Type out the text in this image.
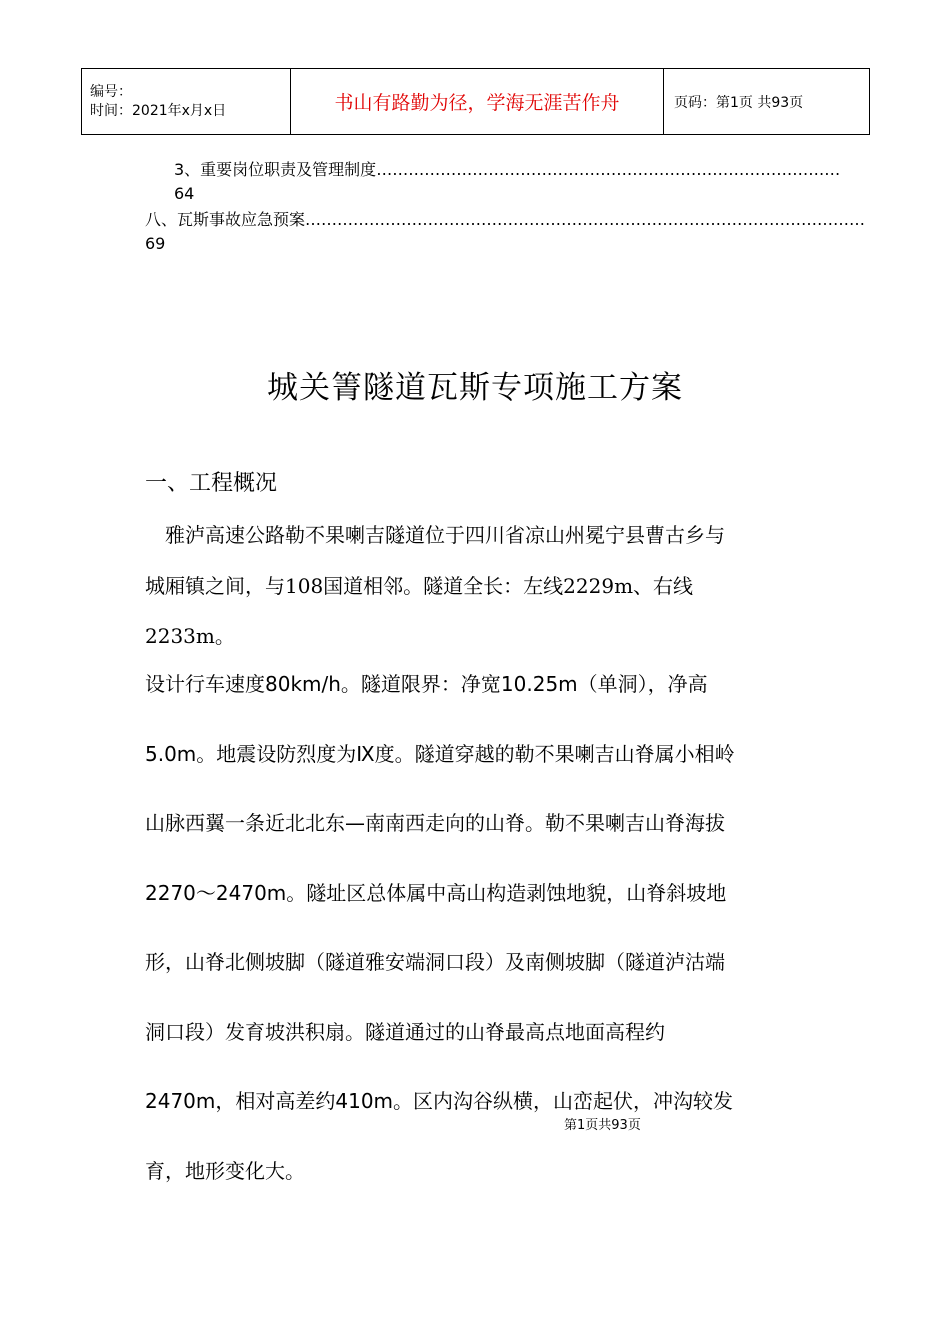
编号：
时间：2021年x月x日	书山有路勤为径，学海无涯苦作舟	页码：第1页 共93页
3、重要岗位职责及管理制度……………………………………………………………………………
64
八、瓦斯事故应急预案……………………………………………………………………………………………
69
城关箐隧道瓦斯专项施工方案
一、工程概况
　雅泸高速公路勒不果喇吉隧道位于四川省凉山州冕宁县曹古乡与
城厢镇之间，与108国道相邻。隧道全长：左线2229m、右线
2233m。
设计行车速度80km/h。隧道限界：净宽10.25m（单洞），净高
5.0m。地震设防烈度为Ⅸ度。隧道穿越的勒不果喇吉山脊属小相岭
山脉西翼一条近北北东—南南西走向的山脊。勒不果喇吉山脊海拔
2270～2470m。隧址区总体属中高山构造剥蚀地貌，山脊斜坡地
形，山脊北侧坡脚（隧道雅安端洞口段）及南侧坡脚（隧道泸沽端
洞口段）发育坡洪积扇。隧道通过的山脊最高点地面高程约
2470m，相对高差约410m。区内沟谷纵横，山峦起伏，冲沟较发
育，地形变化大。
第1页共93页
